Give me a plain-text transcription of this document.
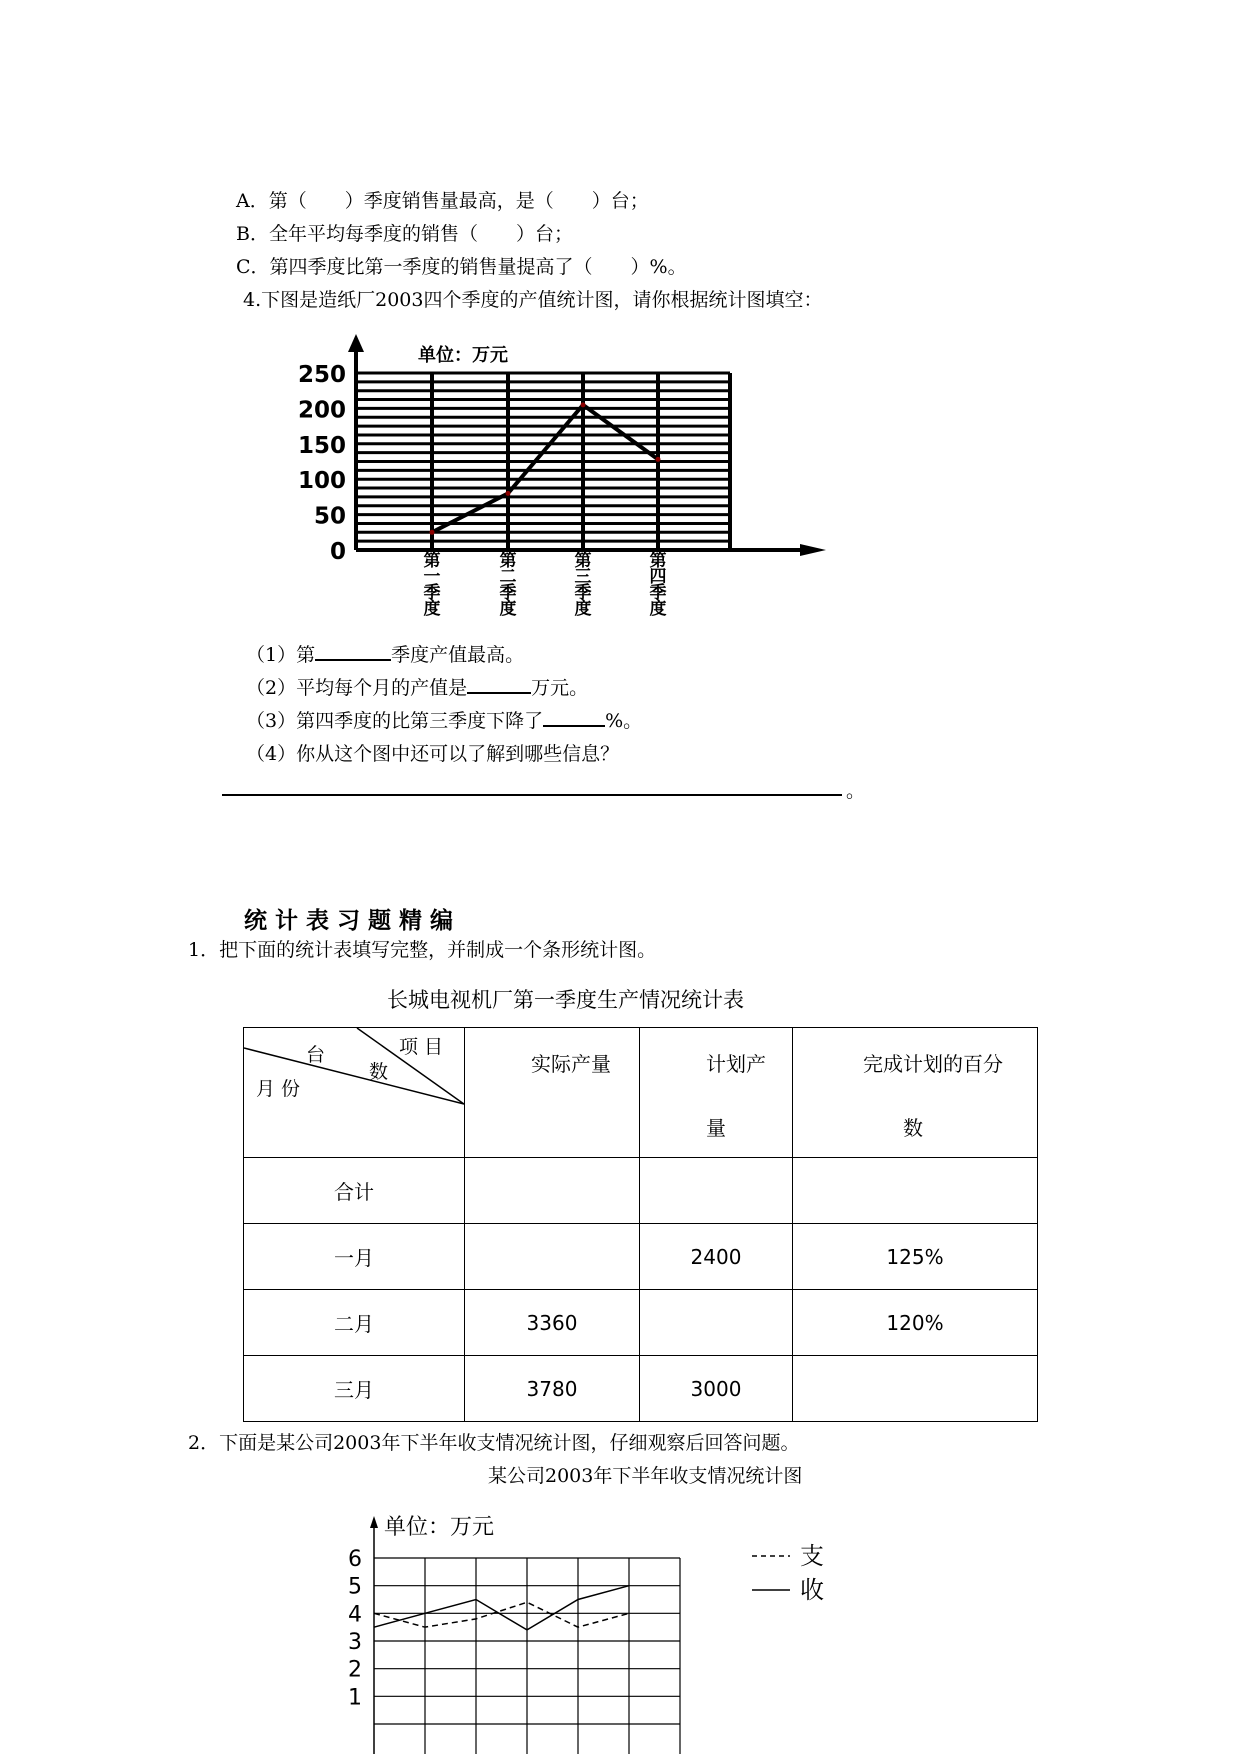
A．第（　　）季度销售量最高，是（　　）台；
B．全年平均每季度的销售（　　）台；
C．第四季度比第一季度的销售量提高了（　　）%。
4.下图是造纸厂2003四个季度的产值统计图，请你根据统计图填空：
0
50
100
150
200
250
单位：万元
第
一
季
度
第
二
季
度
第
三
季
度
第
四
季
度
（1）第	季度产值最高。
（2）平均每个月的产值是	万元。
（3）第四季度的比第三季度下降了	%。
（4）你从这个图中还可以了解到哪些信息？
。
统 计 表 习 题 精 编
1．把下面的统计表填写完整，并制成一个条形统计图。
长城电视机厂第一季度生产情况统计表
项 目
台
数
月 份	实际产量	计划产
量	完成计划的百分
数

合计			
一月		2400	125%
二月	3360		120%
三月	3780	3000	
2．下面是某公司2003年下半年收支情况统计图，仔细观察后回答问题。
某公司2003年下半年收支情况统计图
单位：万元
1
2
3
4
5
6	支
收
